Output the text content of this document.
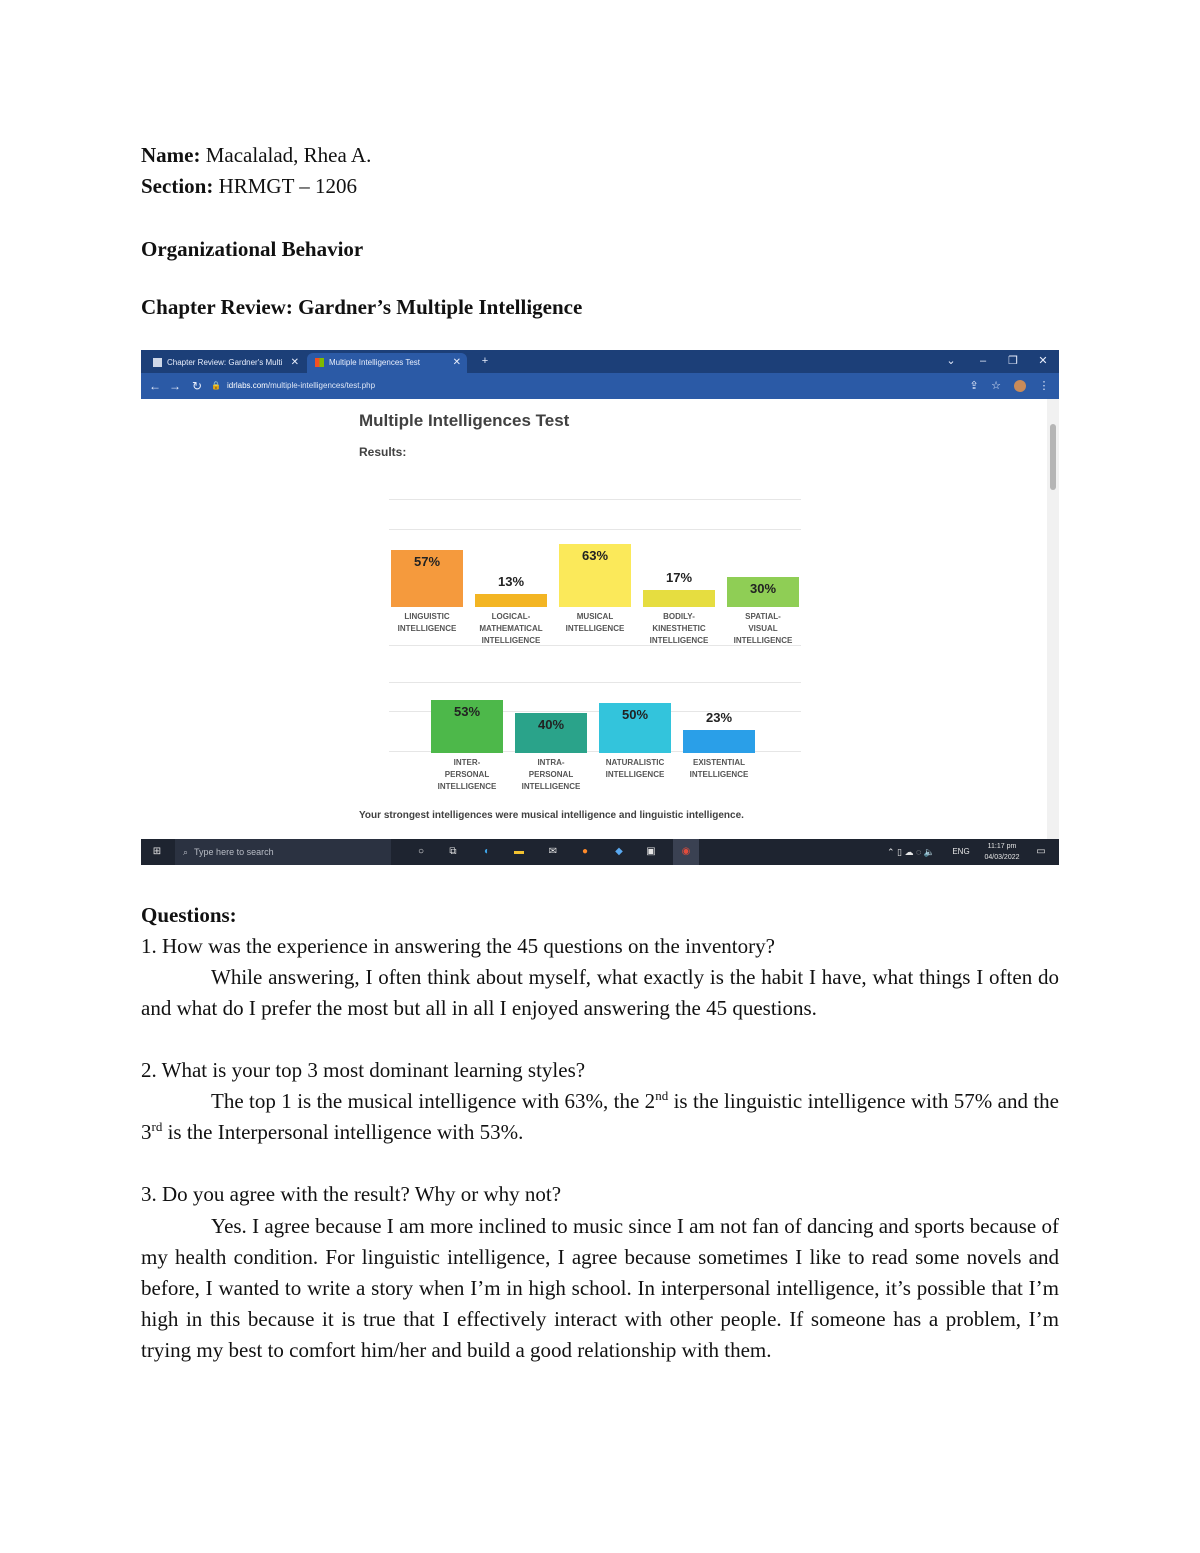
Name: Macalalad, Rhea A.
Section: HRMGT – 1206
Organizational Behavior
Chapter Review: Gardner’s Multiple Intelligence
Chapter Review: Gardner's Multi ✕	Multiple Intelligences Test	✕	+	⌄	–	❐	✕
← → ↻	🔒 idrlabs.com/multiple-intelligences/test.php	⇪	☆	⋮
Multiple Intelligences Test
Results:
57%
LINGUISTIC
INTELLIGENCE
13%
LOGICAL-
MATHEMATICAL
INTELLIGENCE
63%
MUSICAL
INTELLIGENCE
17%
BODILY-
KINESTHETIC
INTELLIGENCE
30%
SPATIAL-
VISUAL
INTELLIGENCE
53%
INTER-
PERSONAL
INTELLIGENCE
40%
INTRA-
PERSONAL
INTELLIGENCE
50%
NATURALISTIC
INTELLIGENCE
23%
EXISTENTIAL
INTELLIGENCE
Your strongest intelligences were musical intelligence and linguistic intelligence.
⊞	⌕ Type here to search	○	⧉	◐	▬	✉	●	◆	▣	◉	⌃ ▯ ☁ ◌ 🔈	ENG
11:17 pm
04/03/2022
▭
Questions:
1. How was the experience in answering the 45 questions on the inventory?
While answering, I often think about myself, what exactly is the habit I have, what things I often do and what do I prefer the most but all in all I enjoyed answering the 45 questions.
2. What is your top 3 most dominant learning styles?
The top 1 is the musical intelligence with 63%, the 2nd is the linguistic intelligence with 57% and the 3rd is the Interpersonal intelligence with 53%.
3. Do you agree with the result? Why or why not?
Yes. I agree because I am more inclined to music since I am not fan of dancing and sports because of my health condition. For linguistic intelligence, I agree because sometimes I like to read some novels and before, I wanted to write a story when I’m in high school. In interpersonal intelligence, it’s possible that I’m high in this because it is true that I effectively interact with other people. If someone has a problem, I’m trying my best to comfort him/her and build a good relationship with them.
